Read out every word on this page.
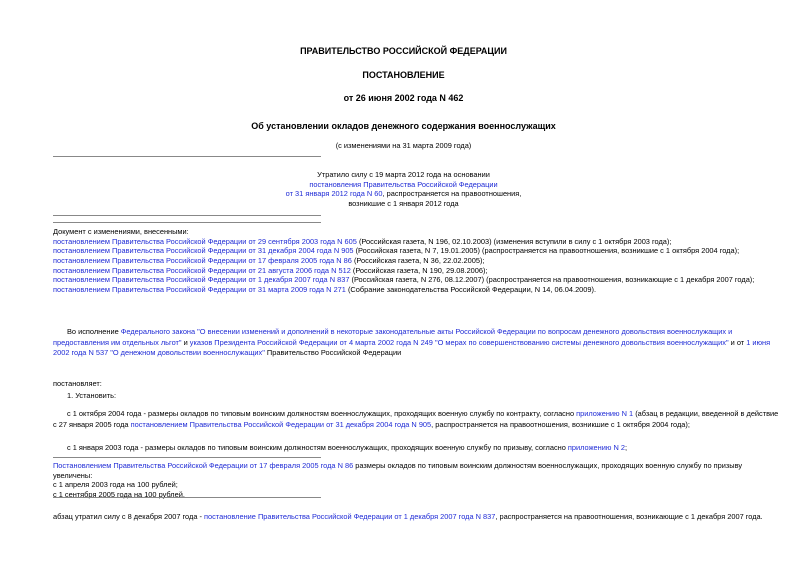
ПРАВИТЕЛЬСТВО РОССИЙСКОЙ ФЕДЕРАЦИИ
ПОСТАНОВЛЕНИЕ
от 26 июня 2002 года N 462
Об установлении окладов денежного содержания военнослужащих
(с изменениями на 31 марта 2009 года)

Утратило силу с 19 марта 2012 года на основании

постановления Правительства Российской Федерации

от 31 января 2012 года N 60, распространяется на правоотношения,

возникшие с 1 января 2012 года

Документ с изменениями, внесенными:

постановлением Правительства Российской Федерации от 29 сентября 2003 года N 605 (Российская газета, N 196, 02.10.2003) (изменения вступили в силу с 1 октября 2003 года);

постановлением Правительства Российской Федерации от 31 декабря 2004 года N 905 (Российская газета, N 7, 19.01.2005) (распространяется на правоотношения, возникшие с 1 октября 2004 года);

постановлением Правительства Российской Федерации от 17 февраля 2005 года N 86 (Российская газета, N 36, 22.02.2005);

постановлением Правительства Российской Федерации от 21 августа 2006 года N 512 (Российская газета, N 190, 29.08.2006);

постановлением Правительства Российской Федерации от 1 декабря 2007 года N 837 (Российская газета, N 276, 08.12.2007) (распространяется на правоотношения, возникающие с 1 декабря 2007 года);

постановлением Правительства Российской Федерации от 31 марта 2009 года N 271 (Собрание законодательства Российской Федерации, N 14, 06.04.2009).

Во исполнение Федерального закона "О внесении изменений и дополнений в некоторые законодательные акты Российской Федерации по вопросам денежного довольствия военнослужащих и предоставления им отдельных льгот" и указов Президента Российской Федерации от 4 марта 2002 года N 249 "О мерах по совершенствованию системы денежного довольствия военнослужащих" и от 1 июня 2002 года N 537 "О денежном довольствии военнослужащих" Правительство Российской Федерации
постановляет:
1. Установить:
с 1 октября 2004 года - размеры окладов по типовым воинским должностям военнослужащих, проходящих военную службу по контракту, согласно приложению N 1 (абзац в редакции, введенной в действие с 27 января 2005 года постановлением Правительства Российской Федерации от 31 декабря 2004 года N 905, распространяется на правоотношения, возникшие с 1 октября 2004 года);
с 1 января 2003 года - размеры окладов по типовым воинским должностям военнослужащих, проходящих военную службу по призыву, согласно приложению N 2;

Постановлением Правительства Российской Федерации от 17 февраля 2005 года N 86 размеры окладов по типовым воинским должностям военнослужащих, проходящих военную службу по призыву увеличены:

с 1 апреля 2003 года на 100 рублей;

с 1 сентября 2005 года на 100 рублей.

абзац утратил силу с 8 декабря 2007 года - постановление Правительства Российской Федерации от 1 декабря 2007 года N 837, распространяется на правоотношения, возникающие с 1 декабря 2007 года.
